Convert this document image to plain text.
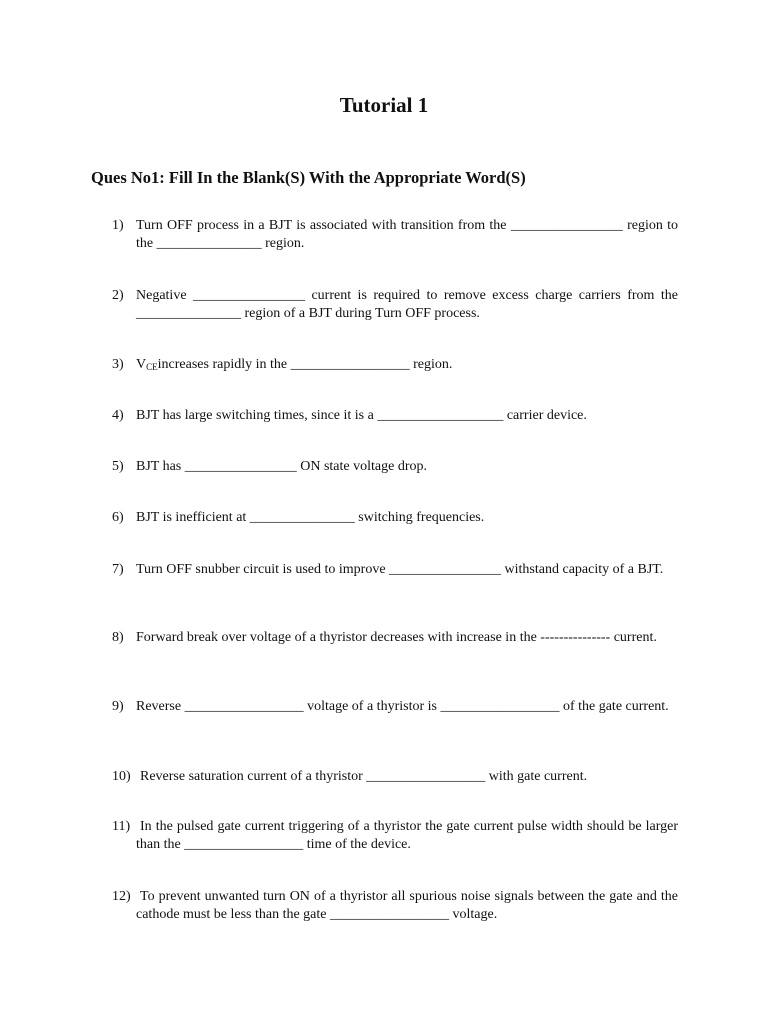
Tutorial 1
Ques No1: Fill In the Blank(S) With the Appropriate Word(S)
1) Turn OFF process in a BJT is associated with transition from the ________________ region to the _______________ region.
2) Negative ________________ current is required to remove excess charge carriers from the _______________ region of a BJT during Turn OFF process.
3) $V_{CE}increases$ rapidly in the _________________ region.
4) BJT has large switching times, since it is a __________________ carrier device.
5) BJT has ________________ ON state voltage drop.
6) BJT is inefficient at _______________ switching frequencies.
7) Turn OFF snubber circuit is used to improve ________________ withstand capacity of a BJT.
8) Forward break over voltage of a thyristor decreases with increase in the --------------- current.
9) Reverse _________________ voltage of a thyristor is _________________ of the gate current.
10) Reverse saturation current of a thyristor _________________ with gate current.
11) In the pulsed gate current triggering of a thyristor the gate current pulse width should be larger than the _________________ time of the device.
12) To prevent unwanted turn ON of a thyristor all spurious noise signals between the gate and the cathode must be less than the gate _________________ voltage.
